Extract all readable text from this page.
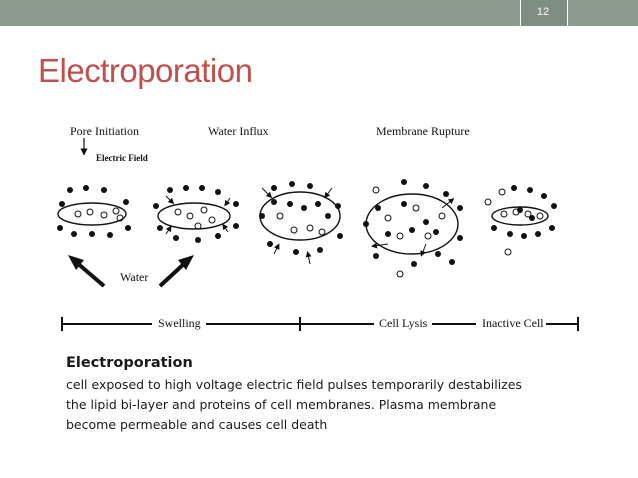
12
Electroporation
Pore Initiation	Water Influx	Membrane Rupture
Electric Field
Water
Swelling	Cell Lysis	Inactive Cell
Electroporation
cell exposed to high voltage electric field pulses temporarily destabilizes
the lipid bi-layer and proteins of cell membranes. Plasma membrane
become permeable and causes cell death
